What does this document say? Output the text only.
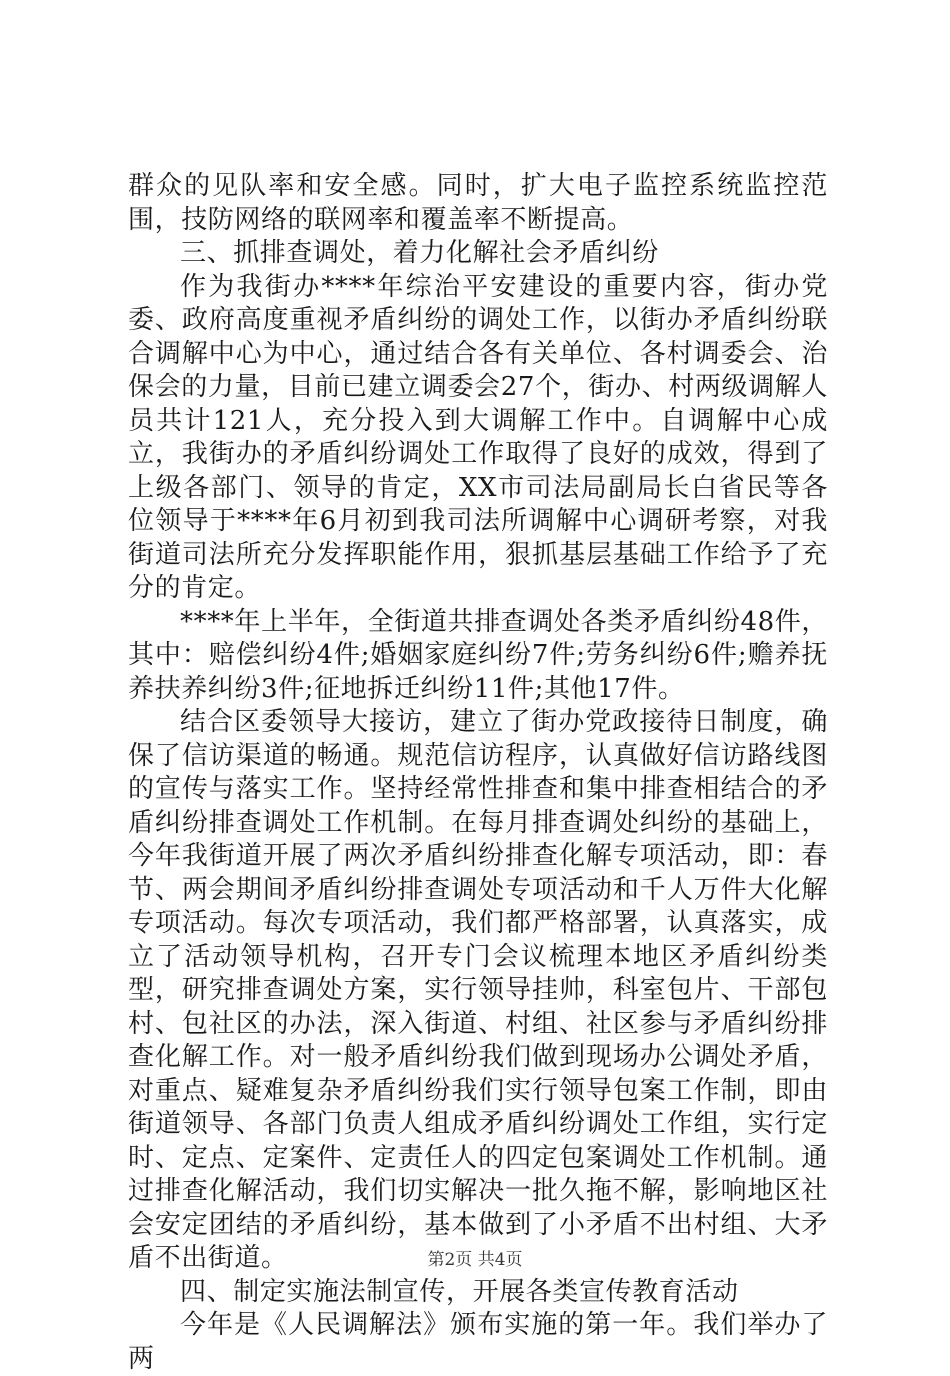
群众的见队率和安全感。同时，扩大电子监控系统监控范围，技防网络的联网率和覆盖率不断提高。

三、抓排查调处，着力化解社会矛盾纠纷

作为我街办****年综治平安建设的重要内容，街办党委、政府高度重视矛盾纠纷的调处工作，以街办矛盾纠纷联合调解中心为中心，通过结合各有关单位、各村调委会、治保会的力量，目前已建立调委会27个，街办、村两级调解人员共计121人，充分投入到大调解工作中。自调解中心成立，我街办的矛盾纠纷调处工作取得了良好的成效，得到了上级各部门、领导的肯定，XX市司法局副局长白省民等各位领导于****年6月初到我司法所调解中心调研考察，对我街道司法所充分发挥职能作用，狠抓基层基础工作给予了充分的肯定。

****年上半年，全街道共排查调处各类矛盾纠纷48件，其中：赔偿纠纷4件;婚姻家庭纠纷7件;劳务纠纷6件;赡养抚养扶养纠纷3件;征地拆迁纠纷11件;其他17件。

结合区委领导大接访，建立了街办党政接待日制度，确保了信访渠道的畅通。规范信访程序，认真做好信访路线图的宣传与落实工作。坚持经常性排查和集中排查相结合的矛盾纠纷排查调处工作机制。在每月排查调处纠纷的基础上，今年我街道开展了两次矛盾纠纷排查化解专项活动，即：春节、两会期间矛盾纠纷排查调处专项活动和千人万件大化解专项活动。每次专项活动，我们都严格部署，认真落实，成立了活动领导机构，召开专门会议梳理本地区矛盾纠纷类型，研究排查调处方案，实行领导挂帅，科室包片、干部包村、包社区的办法，深入街道、村组、社区参与矛盾纠纷排查化解工作。对一般矛盾纠纷我们做到现场办公调处矛盾，对重点、疑难复杂矛盾纠纷我们实行领导包案工作制，即由街道领导、各部门负责人组成矛盾纠纷调处工作组，实行定时、定点、定案件、定责任人的四定包案调处工作机制。通过排查化解活动，我们切实解决一批久拖不解，影响地区社会安定团结的矛盾纠纷，基本做到了小矛盾不出村组、大矛盾不出街道。

四、制定实施法制宣传，开展各类宣传教育活动

今年是《人民调解法》颁布实施的第一年。我们举办了两

第2页 共4页
